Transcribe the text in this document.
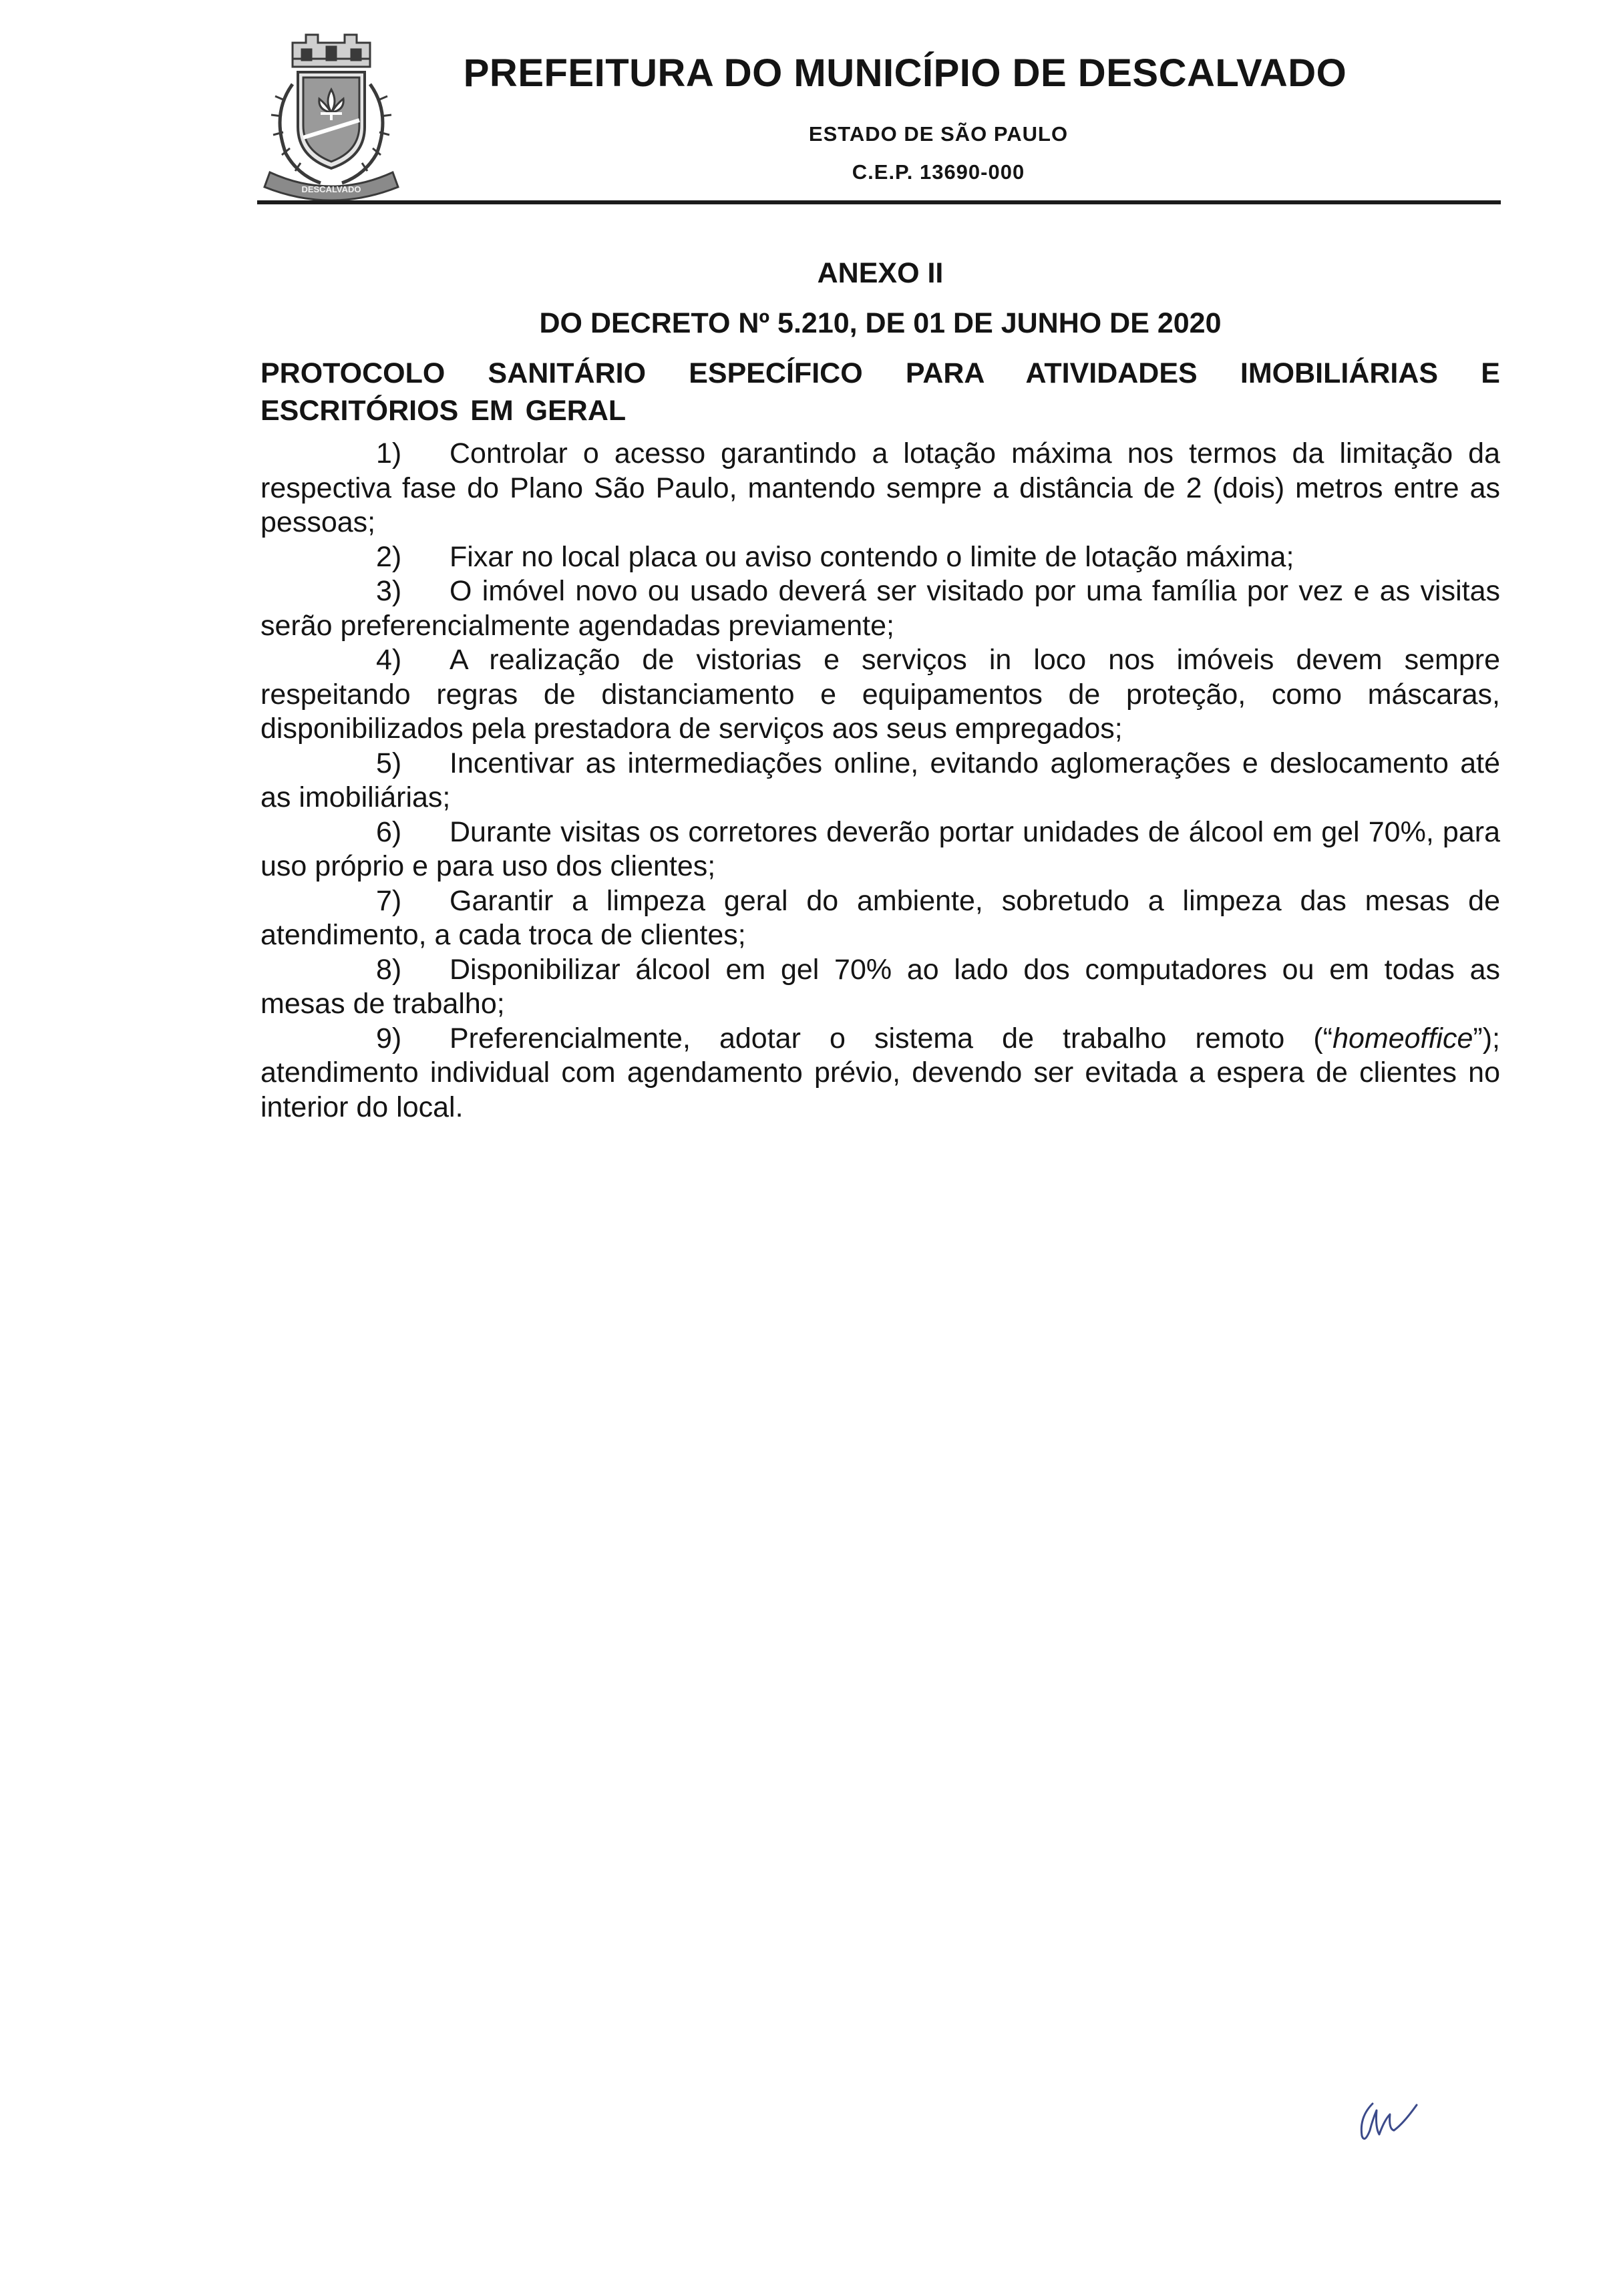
DESCALVADO
PREFEITURA DO MUNICÍPIO DE DESCALVADO

ESTADO DE SÃO PAULO

C.E.P. 13690-000

ANEXO II

DO DECRETO Nº 5.210, DE 01 DE JUNHO DE 2020

PROTOCOLO SANITÁRIO ESPECÍFICO PARA ATIVIDADES IMOBILIÁRIAS E ESCRITÓRIOS EM GERAL

1) Controlar o acesso garantindo a lotação máxima nos termos da limitação da respectiva fase do Plano São Paulo, mantendo sempre a distância de 2 (dois) metros entre as pessoas;

2) Fixar no local placa ou aviso contendo o limite de lotação máxima;

3) O imóvel novo ou usado deverá ser visitado por uma família por vez e as visitas serão preferencialmente agendadas previamente;

4) A realização de vistorias e serviços in loco nos imóveis devem sempre respeitando regras de distanciamento e equipamentos de proteção, como máscaras, disponibilizados pela prestadora de serviços aos seus empregados;

5) Incentivar as intermediações online, evitando aglomerações e deslocamento até as imobiliárias;

6) Durante visitas os corretores deverão portar unidades de álcool em gel 70%, para uso próprio e para uso dos clientes;

7) Garantir a limpeza geral do ambiente, sobretudo a limpeza das mesas de atendimento, a cada troca de clientes;

8) Disponibilizar álcool em gel 70% ao lado dos computadores ou em todas as mesas de trabalho;

9) Preferencialmente, adotar o sistema de trabalho remoto (“homeoffice”); atendimento individual com agendamento prévio, devendo ser evitada a espera de clientes no interior do local.
